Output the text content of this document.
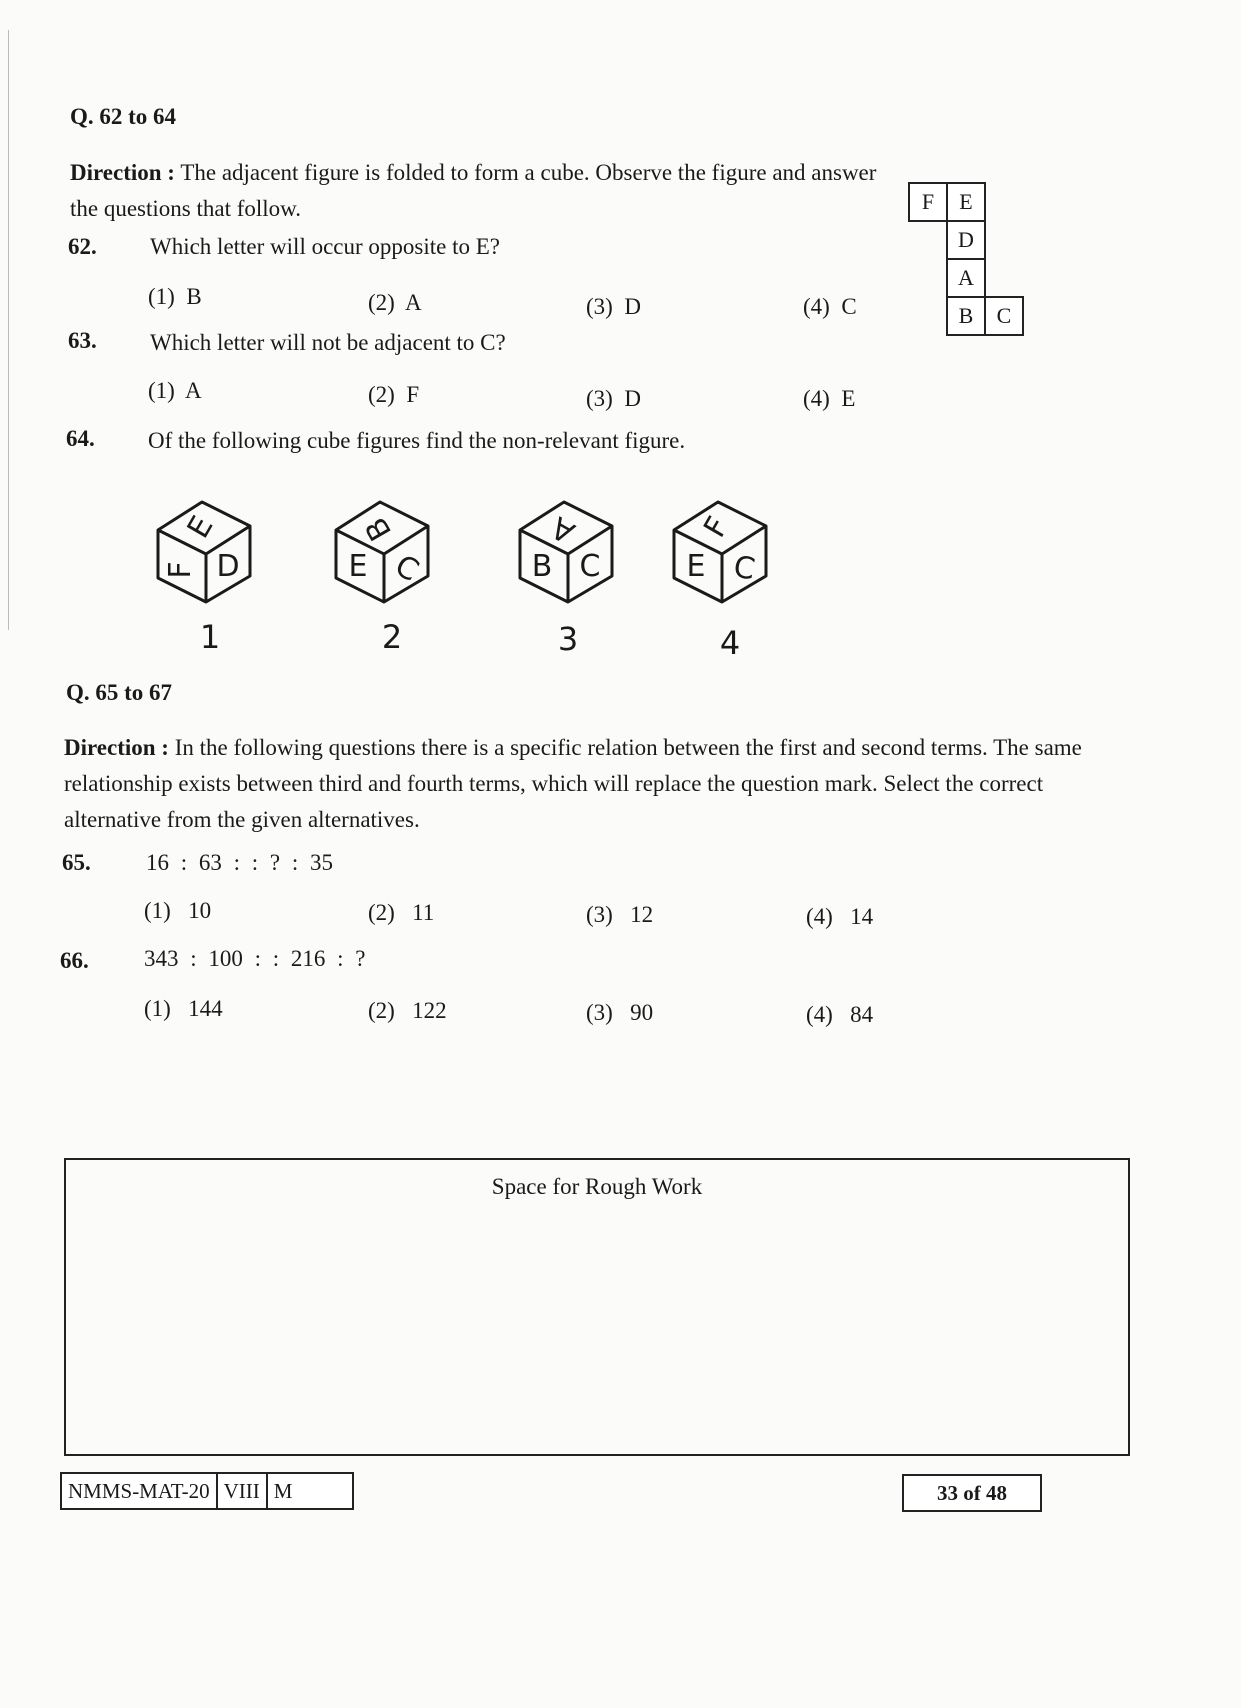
Q. 62 to 64
Direction : The adjacent figure is folded to form a cube. Observe the figure and answer the questions that follow.	F	E
D
A
B	C
62. Which letter will occur opposite to E?
(1)  B	(2)  A	(3)  D	(4)  C
63. Which letter will not be adjacent to C?
(1)  A	(2)  F	(3)  D	(4)  E
64. Of the following cube figures find the non-relevant figure.
E
F D
B
E C
A
B C
F
E C
1	2	3	4
Q. 65 to 67
Direction : In the following questions there is a specific relation between the first and second terms. The same relationship exists between third and fourth terms, which will replace the question mark. Select the correct alternative from the given alternatives.
65. 16 : 63 : : ? : 35
(1)   10	(2)   11	(3)   12	(4)   14
66. 343 : 100 : : 216 : ?
(1)   144	(2)   122	(3)   90	(4)   84
Space for Rough Work
NMMS-MAT-20 VIII M	33 of 48
